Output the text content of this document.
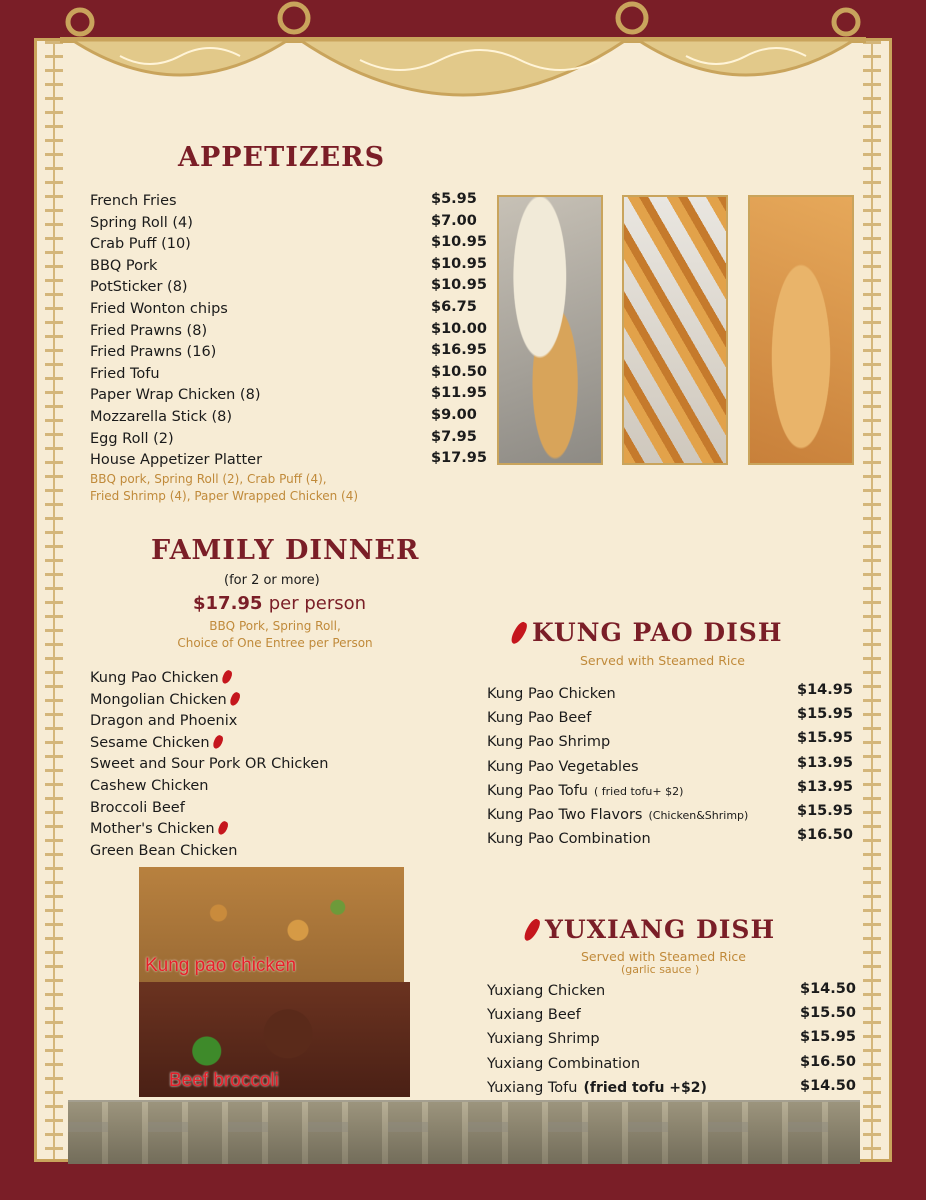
APPETIZERS
French Fries
Spring Roll (4)
Crab Puff (10)
BBQ Pork
PotSticker (8)
Fried Wonton chips
Fried Prawns (8)
Fried Prawns (16)
Fried Tofu
Paper Wrap Chicken (8)
Mozzarella Stick (8)
Egg Roll (2)
House Appetizer Platter
$5.95
$7.00
$10.95
$10.95
$10.95
$6.75
$10.00
$16.95
$10.50
$11.95
$9.00
$7.95
$17.95
BBQ pork, Spring Roll (2), Crab Puff (4),
Fried Shrimp (4), Paper Wrapped Chicken (4)
FAMILY DINNER
(for 2 or more)
$17.95 per person
BBQ Pork, Spring Roll,
Choice of One Entree per Person
Kung Pao Chicken
Mongolian Chicken
Dragon and Phoenix
Sesame Chicken
Sweet and Sour Pork OR Chicken
Cashew Chicken
Broccoli Beef
Mother's Chicken
Green Bean Chicken
Kung pao chicken
Beef broccoli
KUNG PAO DISH
Served with Steamed Rice
Kung Pao Chicken
Kung Pao Beef
Kung Pao Shrimp
Kung Pao Vegetables
Kung Pao Tofu ( fried tofu+ $2)
Kung Pao Two Flavors (Chicken&Shrimp)
Kung Pao Combination
$14.95
$15.95
$15.95
$13.95
$13.95
$15.95
$16.50
YUXIANG DISH
Served with Steamed Rice
(garlic sauce )
Yuxiang Chicken
Yuxiang Beef
Yuxiang Shrimp
Yuxiang Combination
Yuxiang Tofu (fried tofu +$2)
$14.50
$15.50
$15.95
$16.50
$14.50
